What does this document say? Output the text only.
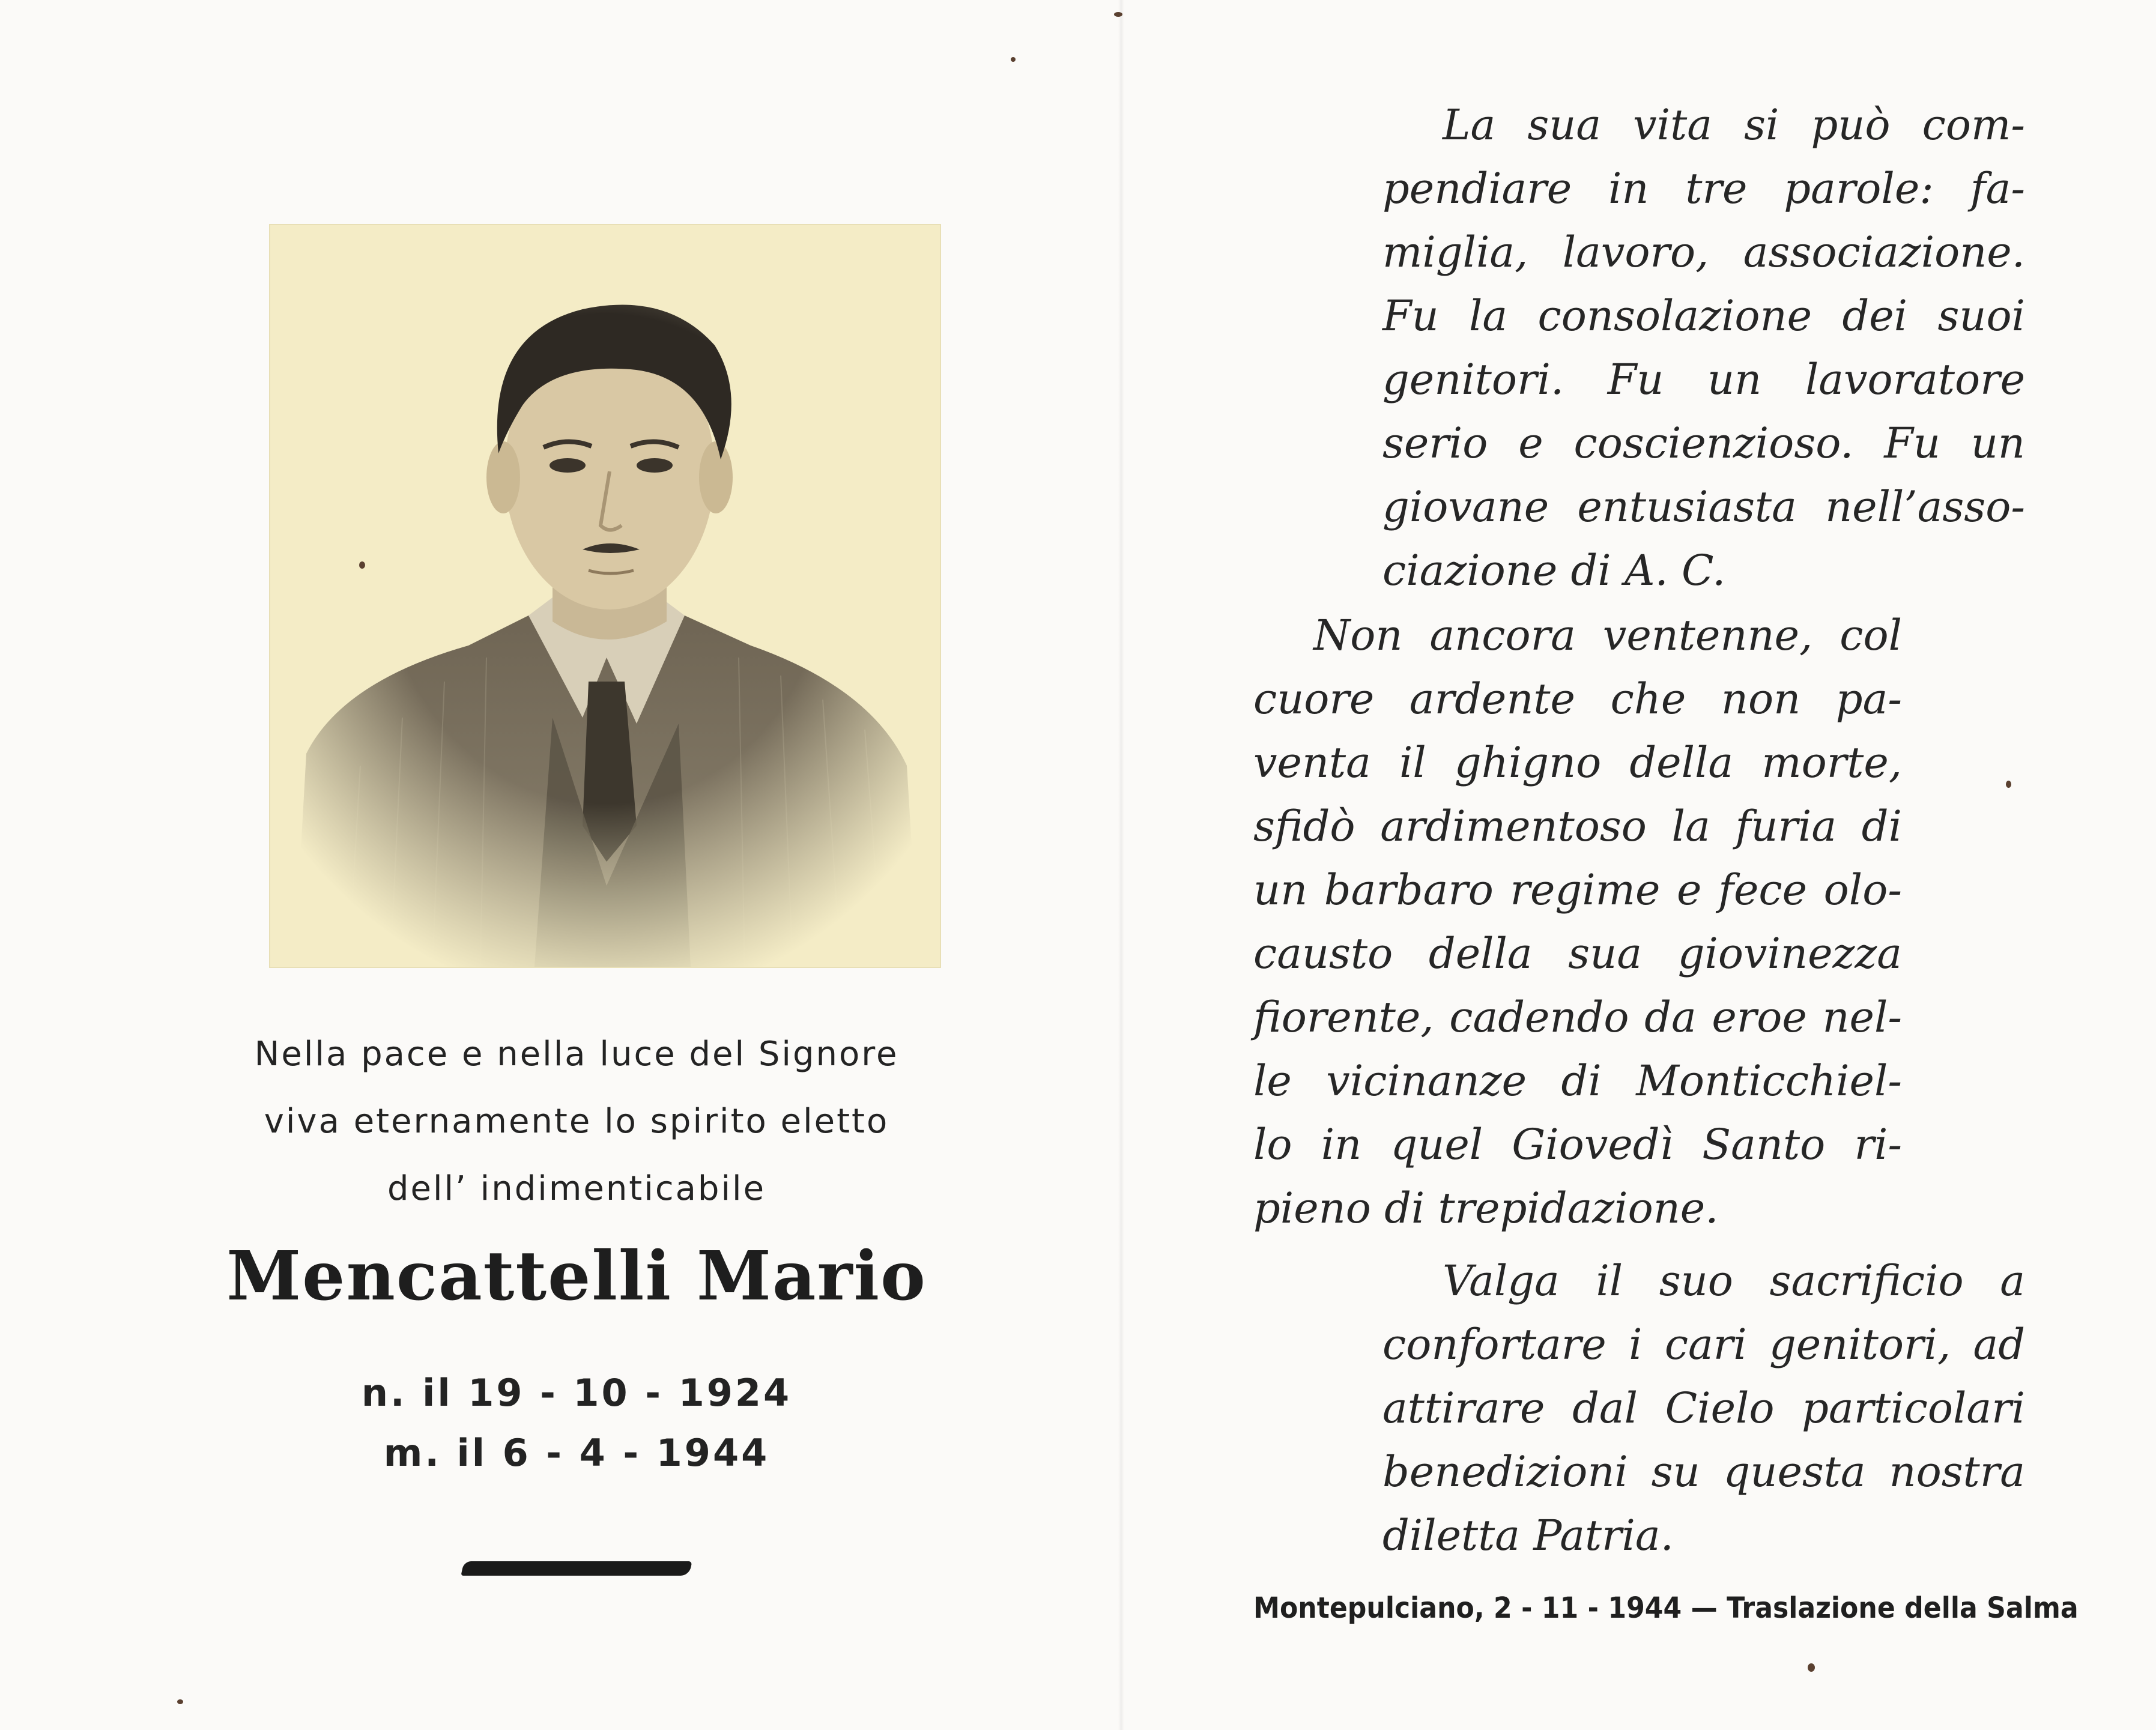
Nella pace e nella luce del Signore
viva eternamente lo spirito eletto
dell’ indimenticabile
Mencattelli Mario
n. il 19 - 10 - 1924
m. il 6 - 4 - 1944
La sua vita si può com-
pendiare in tre parole: fa-
miglia, lavoro, associazione.
Fu la consolazione dei suoi
genitori. Fu un lavoratore
serio e coscienzioso. Fu un
giovane entusiasta nell’asso-
ciazione di A. C.
Non ancora ventenne, col
cuore ardente che non pa-
venta il ghigno della morte,
sfidò ardimentoso la furia di
un barbaro regime e fece olo-
causto della sua giovinezza
fiorente, cadendo da eroe nel-
le vicinanze di Monticchiel-
lo in quel Giovedì Santo ri-
pieno di trepidazione.
Valga il suo sacrificio a
confortare i cari genitori, ad
attirare dal Cielo particolari
benedizioni su questa nostra
diletta Patria.
Montepulciano, 2 - 11 - 1944 — Traslazione della Salma
